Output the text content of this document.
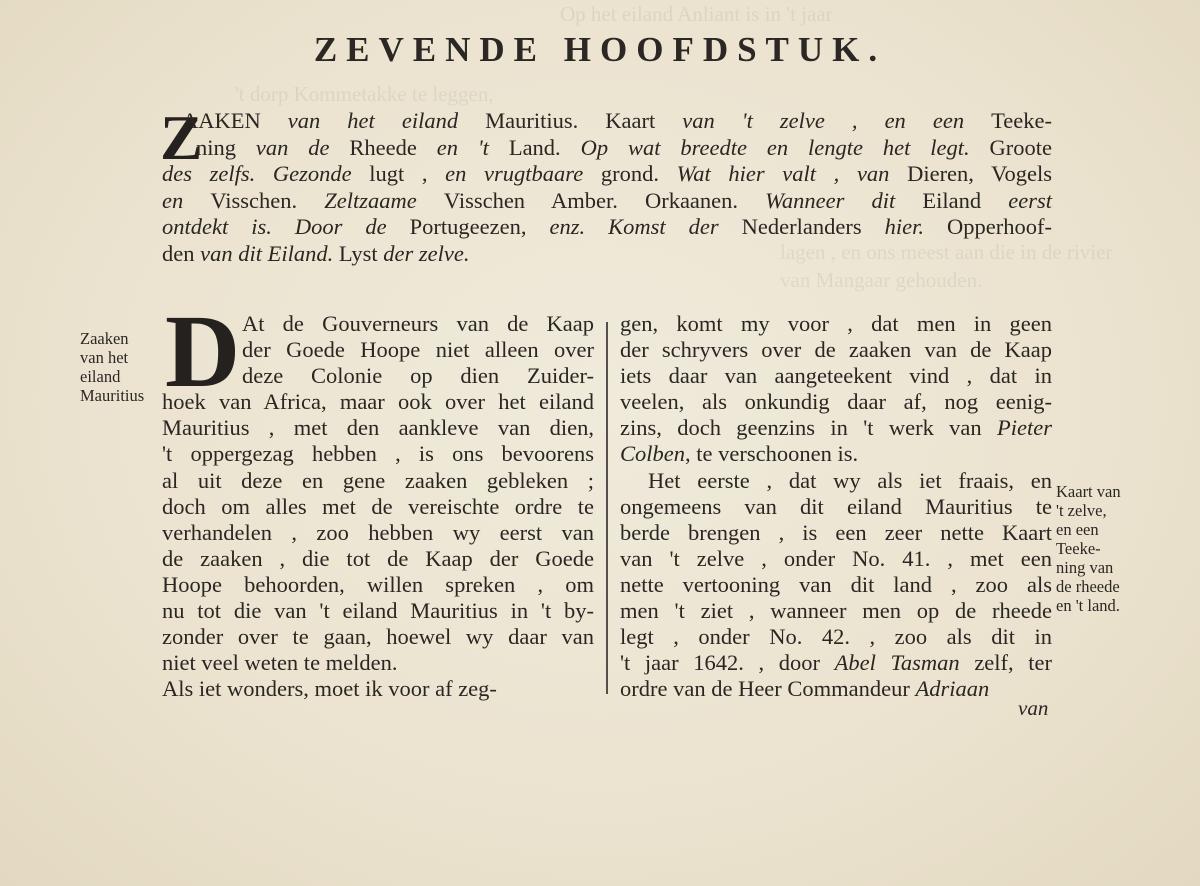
Op het eiland Anliant is in 't jaar
't dorp Kommetakke te leggen,
lagen , en ons meest aan die in de rivier
van Mangaar gehouden.
ZEVENDE HOOFDSTUK.
Z
AAKEN van het eiland Mauritius. Kaart van 't zelve , en een Teeke-
ning van de Rheede en 't Land. Op wat breedte en lengte het legt. Groote
des zelfs. Gezonde lugt , en vrugtbaare grond. Wat hier valt , van Dieren, Vogels
en Visschen. Zeltzaame Visschen Amber. Orkaanen. Wanneer dit Eiland eerst
ontdekt is. Door de Portugeezen, enz. Komst der Nederlanders hier. Opperhoof-
den van dit Eiland. Lyst der zelve.
Zaaken
van het
eiland
Mauritius D At de Gouverneurs van de Kaap
der Goede Hoope niet alleen over
deze Colonie op dien Zuider-
hoek van Africa, maar ook over het eiland
Mauritius , met den aankleve van dien,
't oppergezag hebben , is ons bevoorens
al uit deze en gene zaaken gebleken ;
doch om alles met de vereischte ordre te
verhandelen , zoo hebben wy eerst van
de zaaken , die tot de Kaap der Goede
Hoope behoorden, willen spreken , om
nu tot die van 't eiland Mauritius in 't by-
zonder over te gaan, hoewel wy daar van
niet veel weten te melden.
Als iet wonders, moet ik voor af zeg-
gen, komt my voor , dat men in geen
der schryvers over de zaaken van de Kaap
iets daar van aangeteekent vind , dat in
veelen, als onkundig daar af, nog eenig-
zins, doch geenzins in 't werk van Pieter
Colben, te verschoonen is.
Het eerste , dat wy als iet fraais, en
ongemeens van dit eiland Mauritius te
berde brengen , is een zeer nette Kaart
van 't zelve , onder No. 41. , met een
nette vertooning van dit land , zoo als
men 't ziet , wanneer men op de rheede
legt , onder No. 42. , zoo als dit in
't jaar 1642. , door Abel Tasman zelf, ter
ordre van de Heer Commandeur Adriaan
van
Kaart van
't zelve,
en een
Teeke-
ning van
de rheede
en 't land.
